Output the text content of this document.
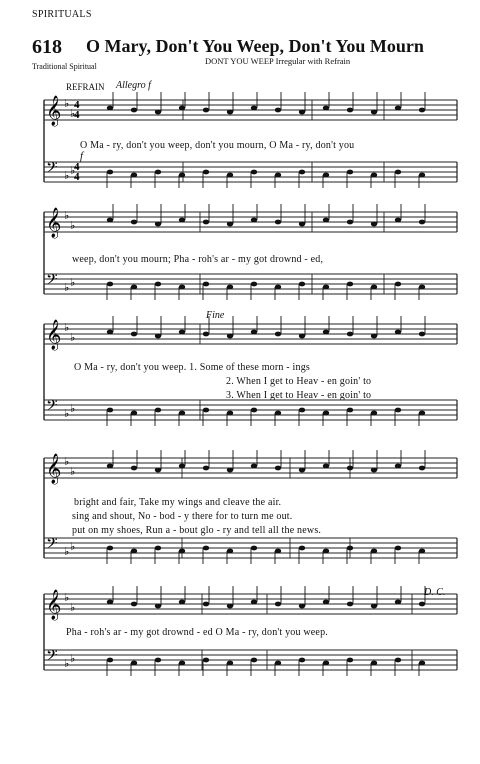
SPIRITUALS
618 O Mary, Don't You Weep, Don't You Mourn
Traditional Spiritual
DONT YOU WEEP Irregular with Refrain
REFRAIN Allegro f
𝄞 ♭
♭
𝄢 ♭ ♭
𝄞 ♭
♭
𝄢 ♭ ♭
𝄞 ♭
♭
𝄢 ♭ ♭
𝄞 ♭
♭
𝄢 ♭ ♭
𝄞 ♭
♭
𝄢 ♭ ♭
4
4
4
4
O Ma - ry, don't you weep, don't you mourn, O Ma - ry, don't you
weep, don't you mourn; Pha - roh's ar - my got drownd - ed,
O Ma - ry, don't you weep. 1. Some of these morn - ings
2. When I get to Heav - en goin' to
3. When I get to Heav - en goin' to
bright and fair, Take my wings and cleave the air.
sing and shout, No - bod - y there for to turn me out.
put on my shoes, Run a - bout glo - ry and tell all the news.
Pha - roh's ar - my got drownd - ed O Ma - ry, don't you weep.
f
Fine
D. C.
